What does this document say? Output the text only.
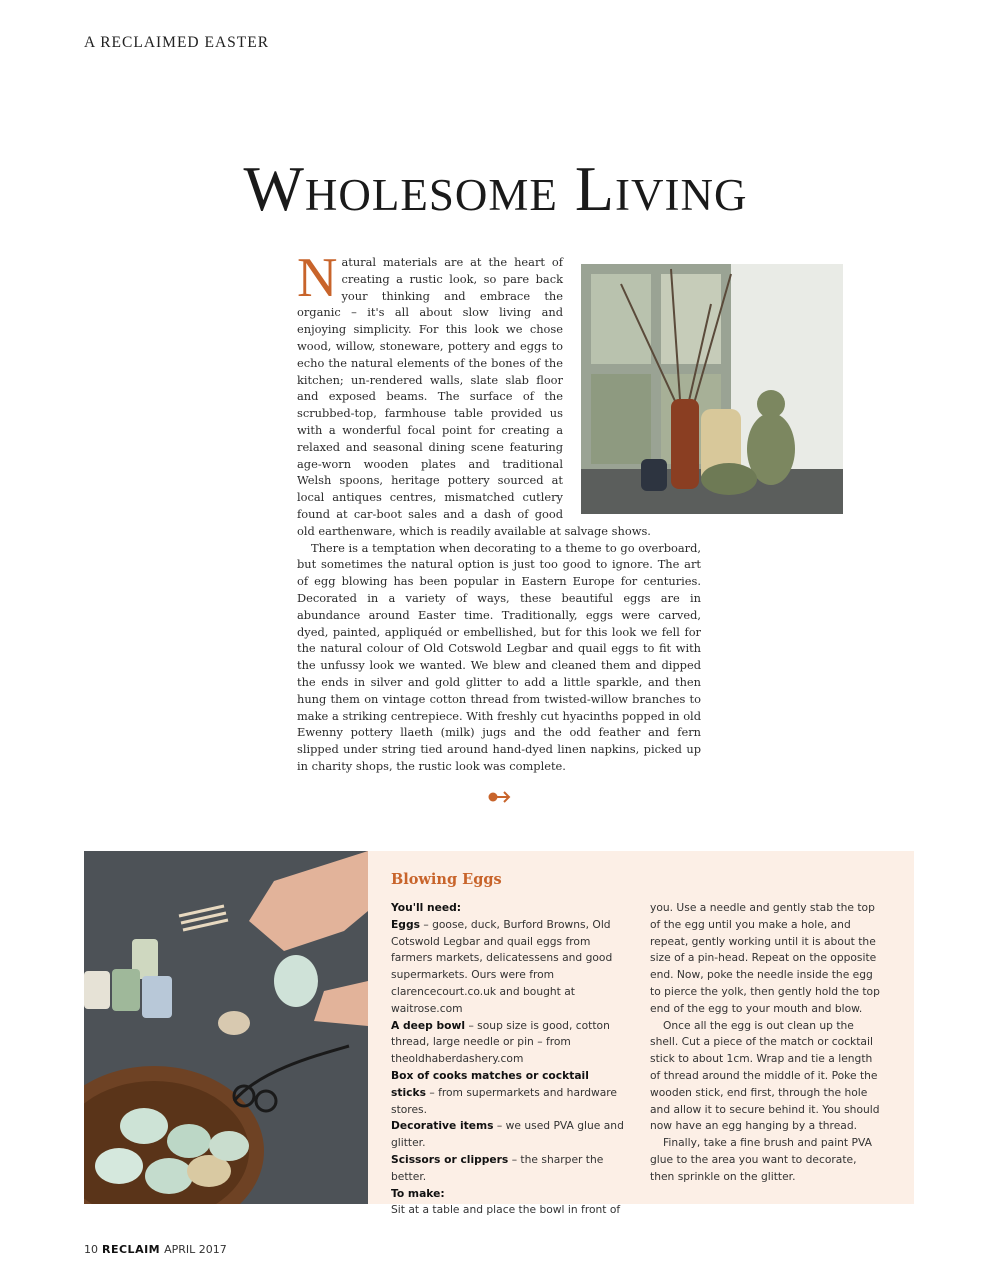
A RECLAIMED EASTER
Wholesome Living

N atural materials are at the heart of creating a rustic look, so pare back your thinking and embrace the organic – it's all about slow living and enjoying simplicity. For this look we chose wood, willow, stoneware, pottery and eggs to echo the natural elements of the bones of the kitchen; un-rendered walls, slate slab floor and exposed beams. The surface of the scrubbed-top, farmhouse table provided us with a wonderful focal point for creating a relaxed and seasonal dining scene featuring age-worn wooden plates and traditional Welsh spoons, heritage pottery sourced at local antiques centres, mismatched cutlery found at car-boot sales and a dash of good old earthenware, which is readily available at salvage shows.

There is a temptation when decorating to a theme to go overboard, but sometimes the natural option is just too good to ignore. The art of egg blowing has been popular in Eastern Europe for centuries. Decorated in a variety of ways, these beautiful eggs are in abundance around Easter time. Traditionally, eggs were carved, dyed, painted, appliquéd or embellished, but for this look we fell for the natural colour of Old Cotswold Legbar and quail eggs to fit with the unfussy look we wanted. We blew and cleaned them and dipped the ends in silver and gold glitter to add a little sparkle, and then hung them on vintage cotton thread from twisted-willow branches to make a striking centrepiece. With freshly cut hyacinths popped in old Ewenny pottery llaeth (milk) jugs and the odd feather and fern slipped under string tied around hand-dyed linen napkins, picked up in charity shops, the rustic look was complete.

Blowing Eggs

You'll need:

Eggs – goose, duck, Burford Browns, Old Cotswold Legbar and quail eggs from farmers markets, delicatessens and good supermarkets. Ours were from clarencecourt.co.uk and bought at waitrose.com

A deep bowl – soup size is good, cotton thread, large needle or pin – from theoldhaberdashery.com

Box of cooks matches or cocktail sticks – from supermarkets and hardware stores.

Decorative items – we used PVA glue and glitter.

Scissors or clippers – the sharper the better.

To make:

Sit at a table and place the bowl in front of

you. Use a needle and gently stab the top of the egg until you make a hole, and repeat, gently working until it is about the size of a pin-head. Repeat on the opposite end. Now, poke the needle inside the egg to pierce the yolk, then gently hold the top end of the egg to your mouth and blow.

Once all the egg is out clean up the shell. Cut a piece of the match or cocktail stick to about 1cm. Wrap and tie a length of thread around the middle of it. Poke the wooden stick, end first, through the hole and allow it to secure behind it. You should now have an egg hanging by a thread.

Finally, take a fine brush and paint PVA glue to the area you want to decorate, then sprinkle on the glitter.

10 RECLAIM APRIL 2017
